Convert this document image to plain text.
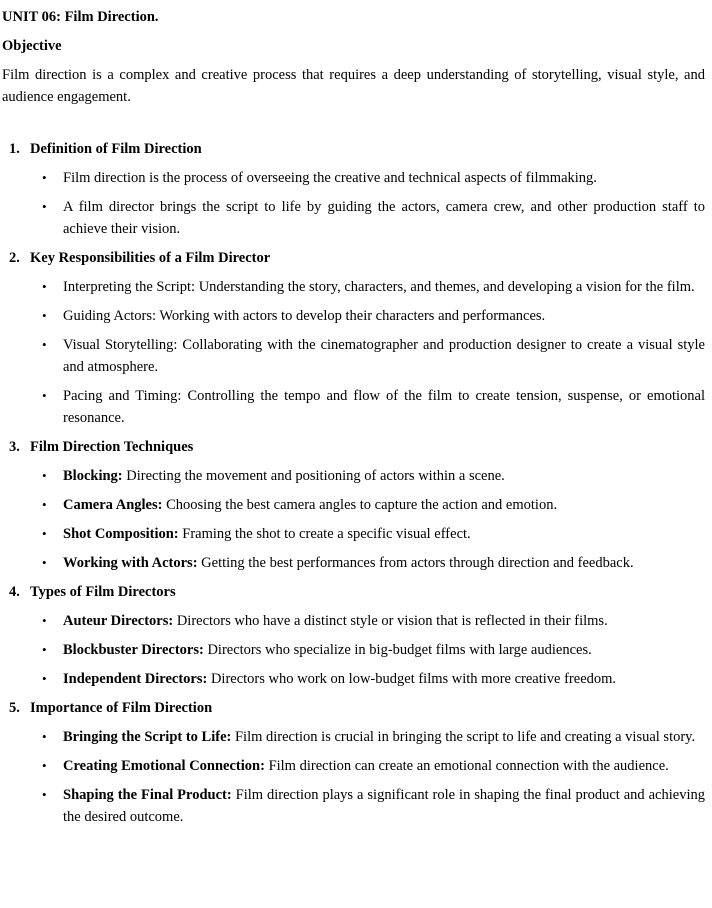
UNIT 06: Film Direction.

Objective

Film direction is a complex and creative process that requires a deep understanding of storytelling, visual style, and audience engagement.

1. Definition of Film Direction
•	Film direction is the process of overseeing the creative and technical aspects of filmmaking.
•	A film director brings the script to life by guiding the actors, camera crew, and other production staff to achieve their vision.
2. Key Responsibilities of a Film Director
•	Interpreting the Script: Understanding the story, characters, and themes, and developing a vision for the film.
•	Guiding Actors: Working with actors to develop their characters and performances.
•	Visual Storytelling: Collaborating with the cinematographer and production designer to create a visual style and atmosphere.
•	Pacing and Timing: Controlling the tempo and flow of the film to create tension, suspense, or emotional resonance.
3. Film Direction Techniques
•	Blocking: Directing the movement and positioning of actors within a scene.
•	Camera Angles: Choosing the best camera angles to capture the action and emotion.
•	Shot Composition: Framing the shot to create a specific visual effect.
•	Working with Actors: Getting the best performances from actors through direction and feedback.
4. Types of Film Directors
•	Auteur Directors: Directors who have a distinct style or vision that is reflected in their films.
•	Blockbuster Directors: Directors who specialize in big-budget films with large audiences.
•	Independent Directors: Directors who work on low-budget films with more creative freedom.
5. Importance of Film Direction
•	Bringing the Script to Life: Film direction is crucial in bringing the script to life and creating a visual story.
•	Creating Emotional Connection: Film direction can create an emotional connection with the audience.
•	Shaping the Final Product: Film direction plays a significant role in shaping the final product and achieving the desired outcome.
